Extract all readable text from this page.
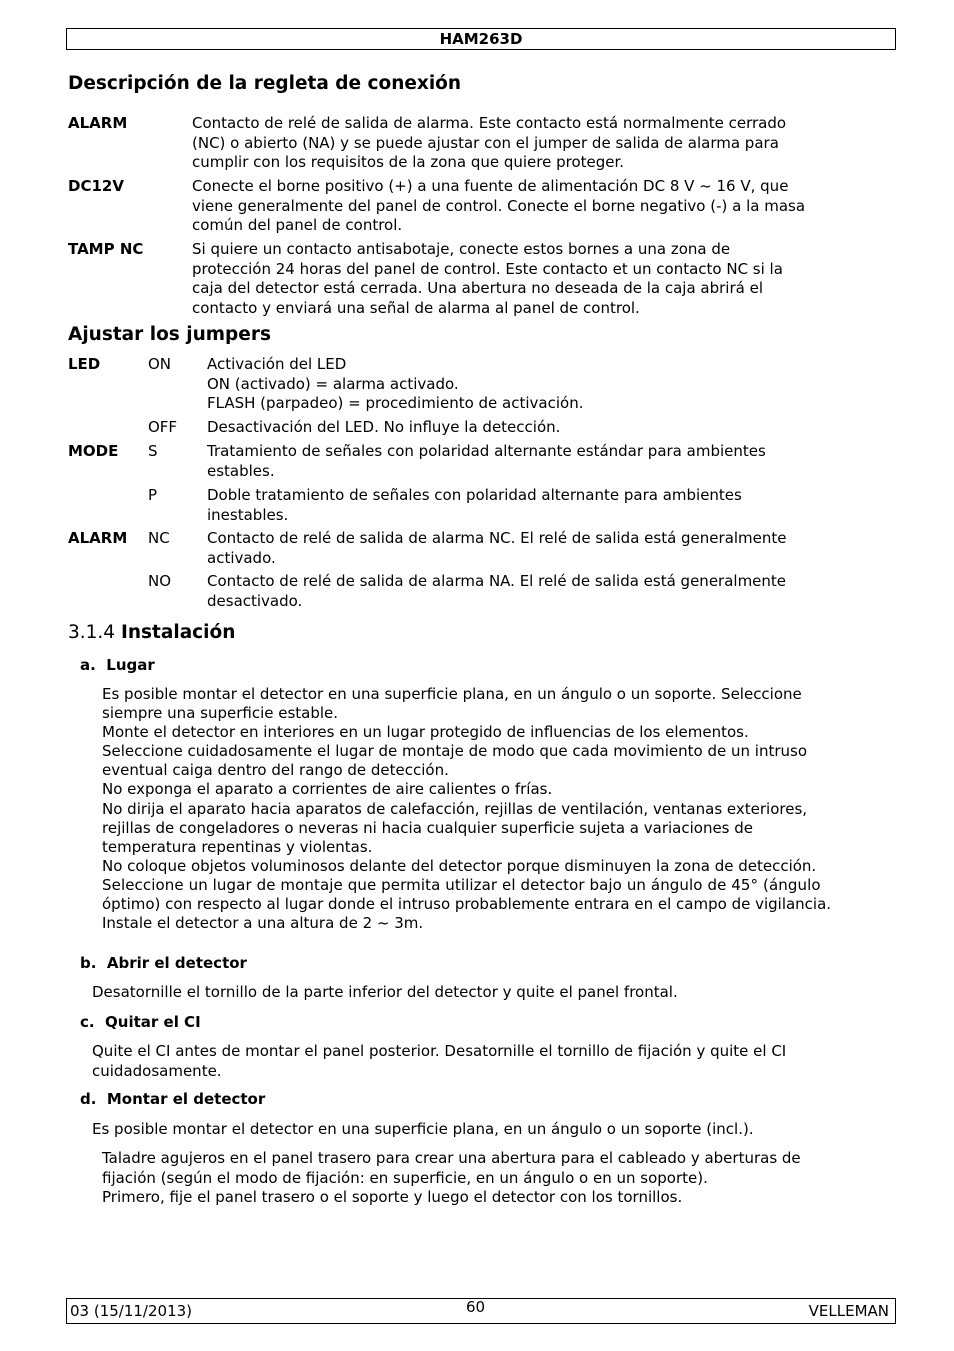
HAM263D
Descripción de la regleta de conexión
ALARM	Contacto de relé de salida de alarma. Este contacto está normalmente cerrado
(NC) o abierto (NA) y se puede ajustar con el jumper de salida de alarma para
cumplir con los requisitos de la zona que quiere proteger.
DC12V	Conecte el borne positivo (+) a una fuente de alimentación DC 8 V ~ 16 V, que
viene generalmente del panel de control. Conecte el borne negativo (-) a la masa
común del panel de control.
TAMP NC	Si quiere un contacto antisabotaje, conecte estos bornes a una zona de
protección 24 horas del panel de control. Este contacto et un contacto NC si la
caja del detector está cerrada. Una abertura no deseada de la caja abrirá el
contacto y enviará una señal de alarma al panel de control.
Ajustar los jumpers
LED	ON Activación del LED
ON (activado) = alarma activado.
FLASH (parpadeo) = procedimiento de activación.
OFF Desactivación del LED. No influye la detección.
MODE S	Tratamiento de señales con polaridad alternante estándar para ambientes
estables.
P	Doble tratamiento de señales con polaridad alternante para ambientes
inestables.
ALARM NC Contacto de relé de salida de alarma NC. El relé de salida está generalmente
activado.
NO Contacto de relé de salida de alarma NA. El relé de salida está generalmente
desactivado.
3.1.4 Instalación
a.  Lugar
Es posible montar el detector en una superficie plana, en un ángulo o un soporte. Seleccione
siempre una superficie estable.
Monte el detector en interiores en un lugar protegido de influencias de los elementos.
Seleccione cuidadosamente el lugar de montaje de modo que cada movimiento de un intruso
eventual caiga dentro del rango de detección.
No exponga el aparato a corrientes de aire calientes o frías.
No dirija el aparato hacia aparatos de calefacción, rejillas de ventilación, ventanas exteriores,
rejillas de congeladores o neveras ni hacia cualquier superficie sujeta a variaciones de
temperatura repentinas y violentas.
No coloque objetos voluminosos delante del detector porque disminuyen la zona de detección.
Seleccione un lugar de montaje que permita utilizar el detector bajo un ángulo de 45° (ángulo
óptimo) con respecto al lugar donde el intruso probablemente entrara en el campo de vigilancia.
Instale el detector a una altura de 2 ~ 3m.
b.  Abrir el detector
Desatornille el tornillo de la parte inferior del detector y quite el panel frontal.
c.  Quitar el CI
Quite el CI antes de montar el panel posterior. Desatornille el tornillo de fijación y quite el CI
cuidadosamente.
d.  Montar el detector
Es posible montar el detector en una superficie plana, en un ángulo o un soporte (incl.).
Taladre agujeros en el panel trasero para crear una abertura para el cableado y aberturas de
fijación (según el modo de fijación: en superficie, en un ángulo o en un soporte).
Primero, fije el panel trasero o el soporte y luego el detector con los tornillos.
03 (15/11/2013)	60	VELLEMAN
